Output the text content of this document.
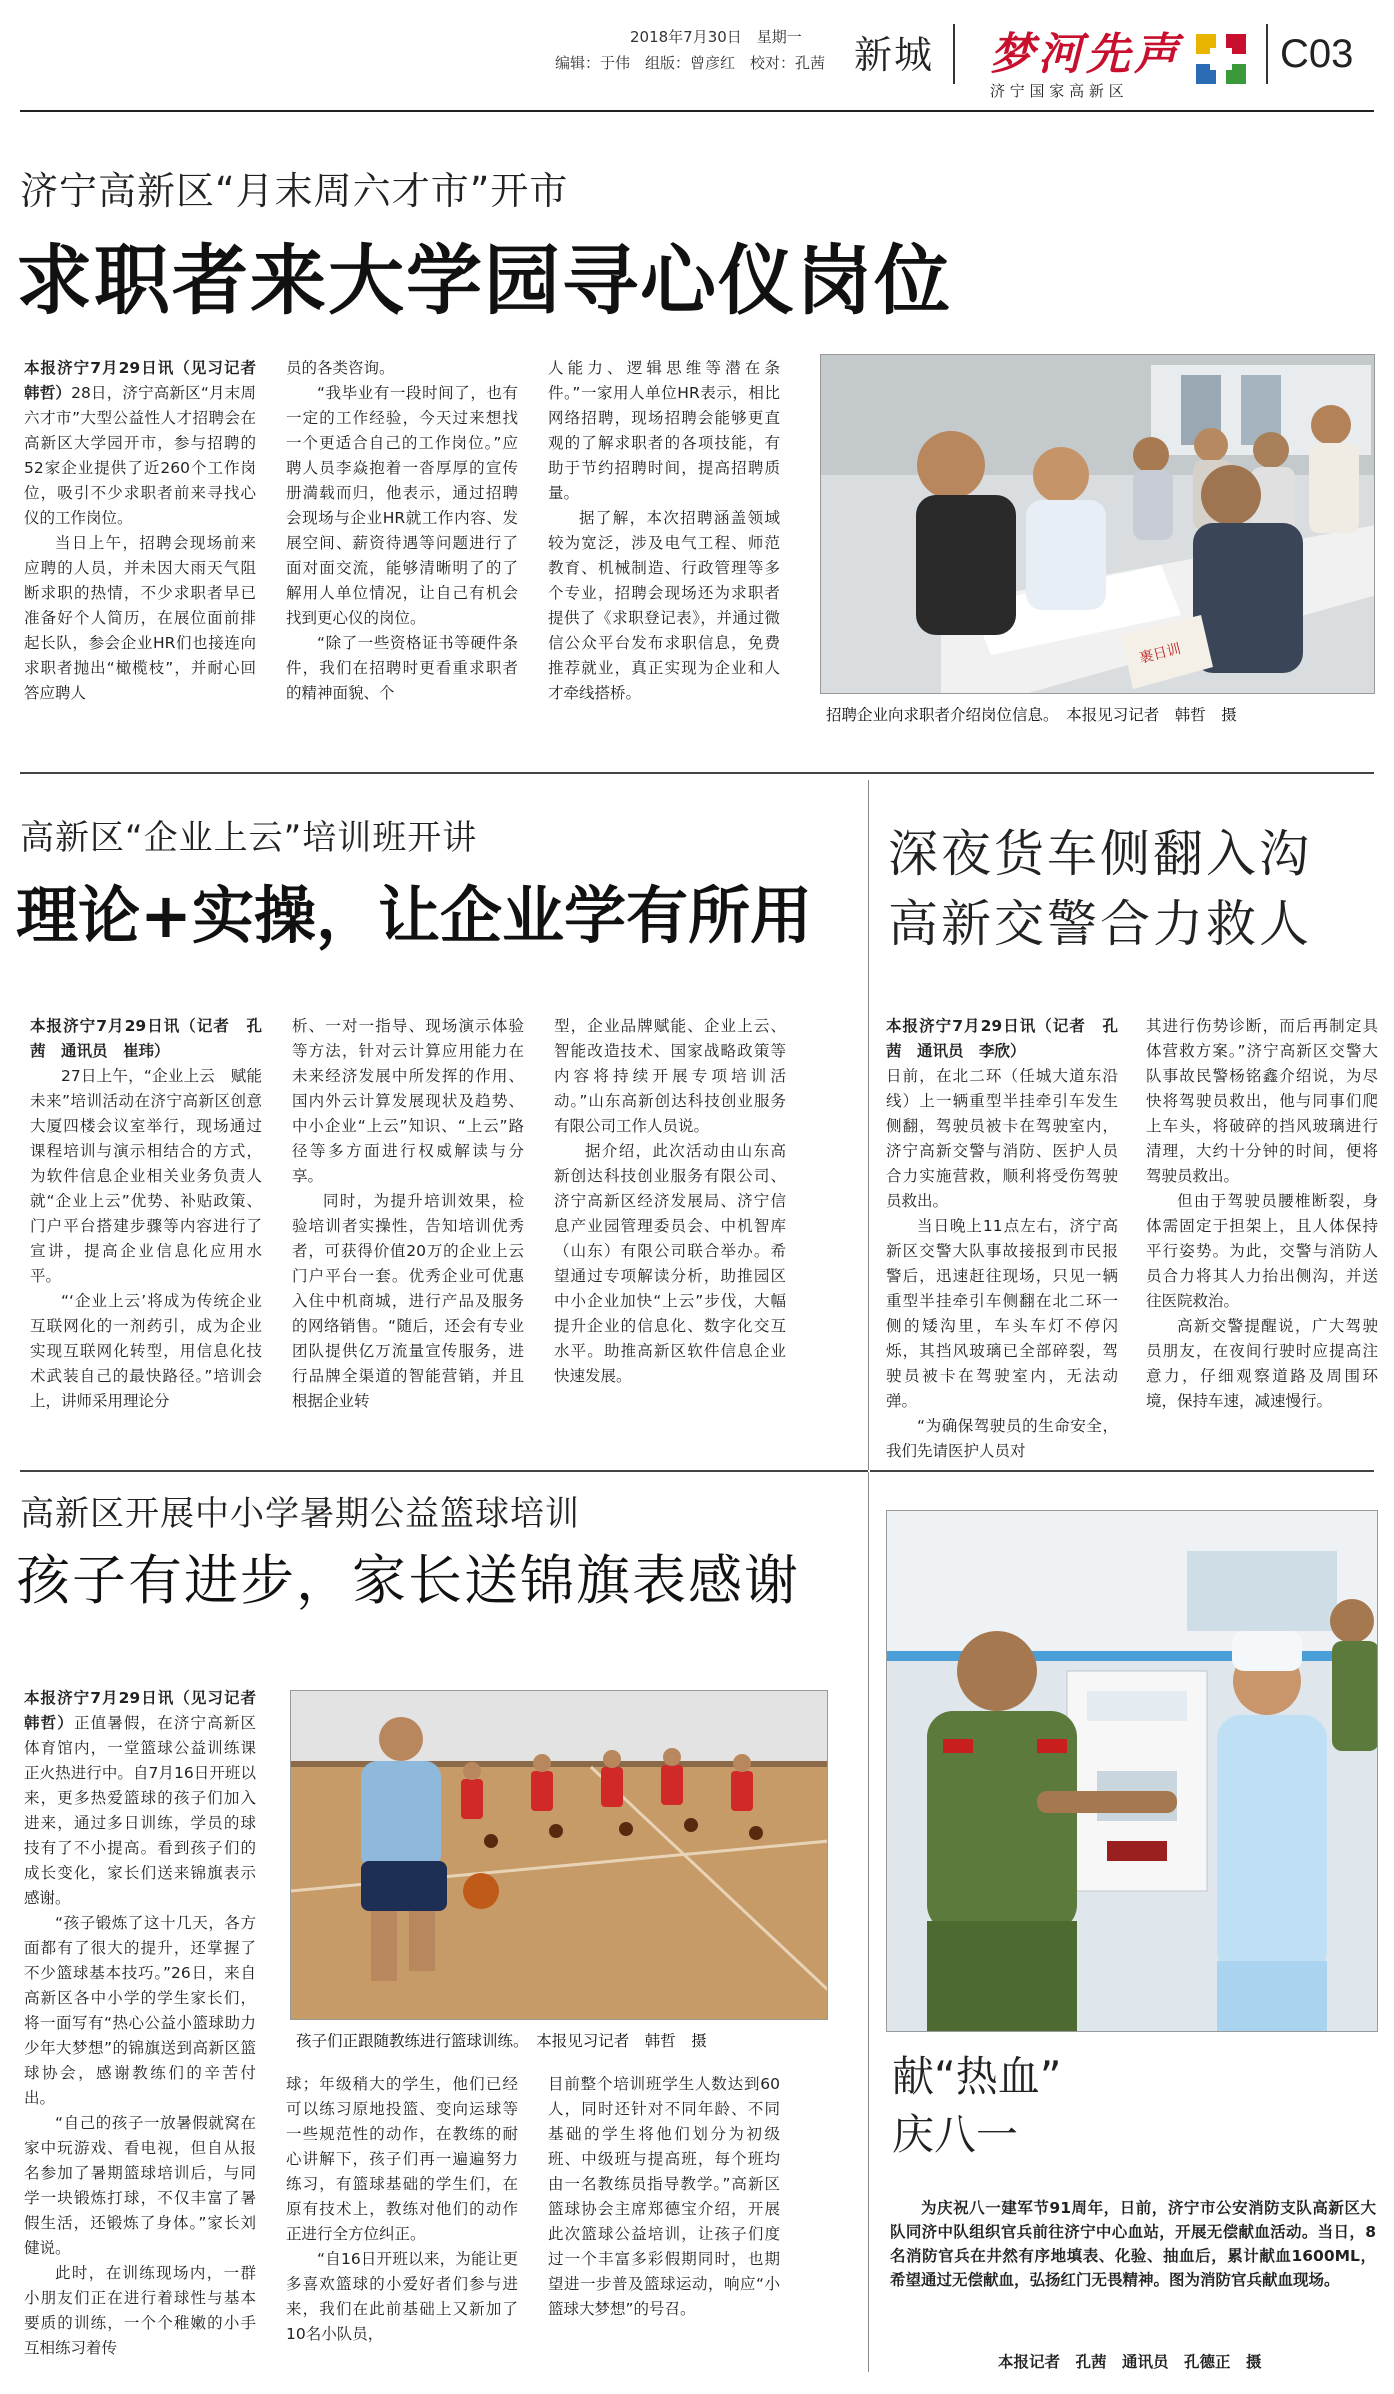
2018年7月30日　星期一
编辑：于伟　组版：曾彦红　校对：孔茜 新城 梦河先声
济 宁 国 家 高 新 区
C03
济宁高新区“月末周六才市”开市
求职者来大学园寻心仪岗位

本报济宁7月29日讯（见习记者　韩哲）28日，济宁高新区“月末周六才市”大型公益性人才招聘会在高新区大学园开市，参与招聘的52家企业提供了近260个工作岗位，吸引不少求职者前来寻找心仪的工作岗位。

当日上午，招聘会现场前来应聘的人员，并未因大雨天气阻断求职的热情，不少求职者早已准备好个人简历，在展位面前排起长队，参会企业HR们也接连向求职者抛出“橄榄枝”，并耐心回答应聘人

员的各类咨询。

“我毕业有一段时间了，也有一定的工作经验，今天过来想找一个更适合自己的工作岗位。”应聘人员李焱抱着一沓厚厚的宣传册満载而归，他表示，通过招聘会现场与企业HR就工作内容、发展空间、薪资待遇等问题进行了面对面交流，能够清晰明了的了解用人单位情况，让自己有机会找到更心仪的岗位。

“除了一些资格证书等硬件条件，我们在招聘时更看重求职者的精神面貌、个

人能力、逻辑思维等潜在条件。”一家用人单位HR表示，相比网络招聘，现场招聘会能够更直观的了解求职者的各项技能，有助于节约招聘时间，提高招聘质量。

据了解，本次招聘涵盖领域较为宽泛，涉及电气工程、师范教育、机械制造、行政管理等多个专业，招聘会现场还为求职者提供了《求职登记表》，并通过微信公众平台发布求职信息，免费推荐就业，真正实现为企业和人才牵线搭桥。

裹日训
招聘企业向求职者介绍岗位信息。　本报见习记者　韩哲　摄
高新区“企业上云”培训班开讲
理论+实操，让企业学有所用

本报济宁7月29日讯（记者　孔茜　通讯员　崔玮）

27日上午，“企业上云　赋能未来”培训活动在济宁高新区创意大厦四楼会议室举行，现场通过课程培训与演示相结合的方式，为软件信息企业相关业务负责人就“企业上云”优势、补贴政策、门户平台搭建步骤等内容进行了宣讲，提高企业信息化应用水平。

“‘企业上云’将成为传统企业互联网化的一剂药引，成为企业实现互联网化转型，用信息化技术武装自己的最快路径。”培训会上，讲师采用理论分

析、一对一指导、现场演示体验等方法，针对云计算应用能力在未来经济发展中所发挥的作用、国内外云计算发展现状及趋势、中小企业“上云”知识、“上云”路径等多方面进行权威解读与分享。

同时，为提升培训效果，检验培训者实操性，告知培训优秀者，可获得价值20万的企业上云门户平台一套。优秀企业可优惠入住中机商城，进行产品及服务的网络销售。“随后，还会有专业团队提供亿万流量宣传服务，进行品牌全渠道的智能营销，并且根据企业转

型，企业品牌赋能、企业上云、智能改造技术、国家战略政策等内容将持续开展专项培训活动。”山东高新创达科技创业服务有限公司工作人员说。

据介绍，此次活动由山东高新创达科技创业服务有限公司、济宁高新区经济发展局、济宁信息产业园管理委员会、中机智库（山东）有限公司联合举办。希望通过专项解读分析，助推园区中小企业加快“上云”步伐，大幅提升企业的信息化、数字化交互水平。助推高新区软件信息企业快速发展。

深夜货车侧翻入沟
高新交警合力救人

本报济宁7月29日讯（记者　孔茜　通讯员　李欣）

日前，在北二环（任城大道东沿线）上一辆重型半挂牵引车发生侧翻，驾驶员被卡在驾驶室内，济宁高新交警与消防、医护人员合力实施营救，顺利将受伤驾驶员救出。

当日晚上11点左右，济宁高新区交警大队事故接报到市民报警后，迅速赶往现场，只见一辆重型半挂牵引车侧翻在北二环一侧的矮沟里，车头车灯不停闪烁，其挡风玻璃已全部碎裂，驾驶员被卡在驾驶室内，无法动弹。

“为确保驾驶员的生命安全，我们先请医护人员对

其进行伤势诊断，而后再制定具体营救方案。”济宁高新区交警大队事故民警杨铭鑫介绍说，为尽快将驾驶员救出，他与同事们爬上车头，将破碎的挡风玻璃进行清理，大约十分钟的时间，便将驾驶员救出。

但由于驾驶员腰椎断裂，身体需固定于担架上，且人体保持平行姿势。为此，交警与消防人员合力将其人力抬出侧沟，并送往医院救治。

高新交警提醒说，广大驾驶员朋友，在夜间行驶时应提高注意力，仔细观察道路及周围环境，保持车速，减速慢行。

高新区开展中小学暑期公益篮球培训
孩子有进步，家长送锦旗表感谢

本报济宁7月29日讯（见习记者　韩哲）正值暑假，在济宁高新区体育馆内，一堂篮球公益训练课正火热进行中。自7月16日开班以来，更多热爱篮球的孩子们加入进来，通过多日训练，学员的球技有了不小提高。看到孩子们的成长变化，家长们送来锦旗表示感谢。

“孩子锻炼了这十几天，各方面都有了很大的提升，还掌握了不少篮球基本技巧。”26日，来自高新区各中小学的学生家长们，将一面写有“热心公益小篮球助力少年大梦想”的锦旗送到高新区篮球协会，感谢教练们的辛苦付出。

“自己的孩子一放暑假就窝在家中玩游戏、看电视，但自从报名参加了暑期篮球培训后，与同学一块锻炼打球，不仅丰富了暑假生活，还锻炼了身体。”家长刘健说。

此时，在训练现场内，一群小朋友们正在进行着球性与基本要质的训练，一个个稚嫩的小手互相练习着传

孩子们正跟随教练进行篮球训练。　本报见习记者　韩哲　摄

球；年级稍大的学生，他们已经可以练习原地投篮、变向运球等一些规范性的动作，在教练的耐心讲解下，孩子们再一遍遍努力练习，有篮球基础的学生们，在原有技术上，教练对他们的动作正进行全方位纠正。

“自16日开班以来，为能让更多喜欢篮球的小爱好者们参与进来，我们在此前基础上又新加了10名小队员，

目前整个培训班学生人数达到60人，同时还针对不同年龄、不同基础的学生将他们划分为初级班、中级班与提高班，每个班均由一名教练员指导教学。”高新区篮球协会主席郑德宝介绍，开展此次篮球公益培训，让孩子们度过一个丰富多彩假期同时，也期望进一步普及篮球运动，响应“小篮球大梦想”的号召。

献“热血”
庆八一

为庆祝八一建军节91周年，日前，济宁市公安消防支队高新区大队同济中队组织官兵前往济宁中心血站，开展无偿献血活动。当日，8名消防官兵在井然有序地填表、化验、抽血后，累计献血1600ML，希望通过无偿献血，弘扬红门无畏精神。图为消防官兵献血现场。

本报记者　孔茜　通讯员　孔德正　摄
